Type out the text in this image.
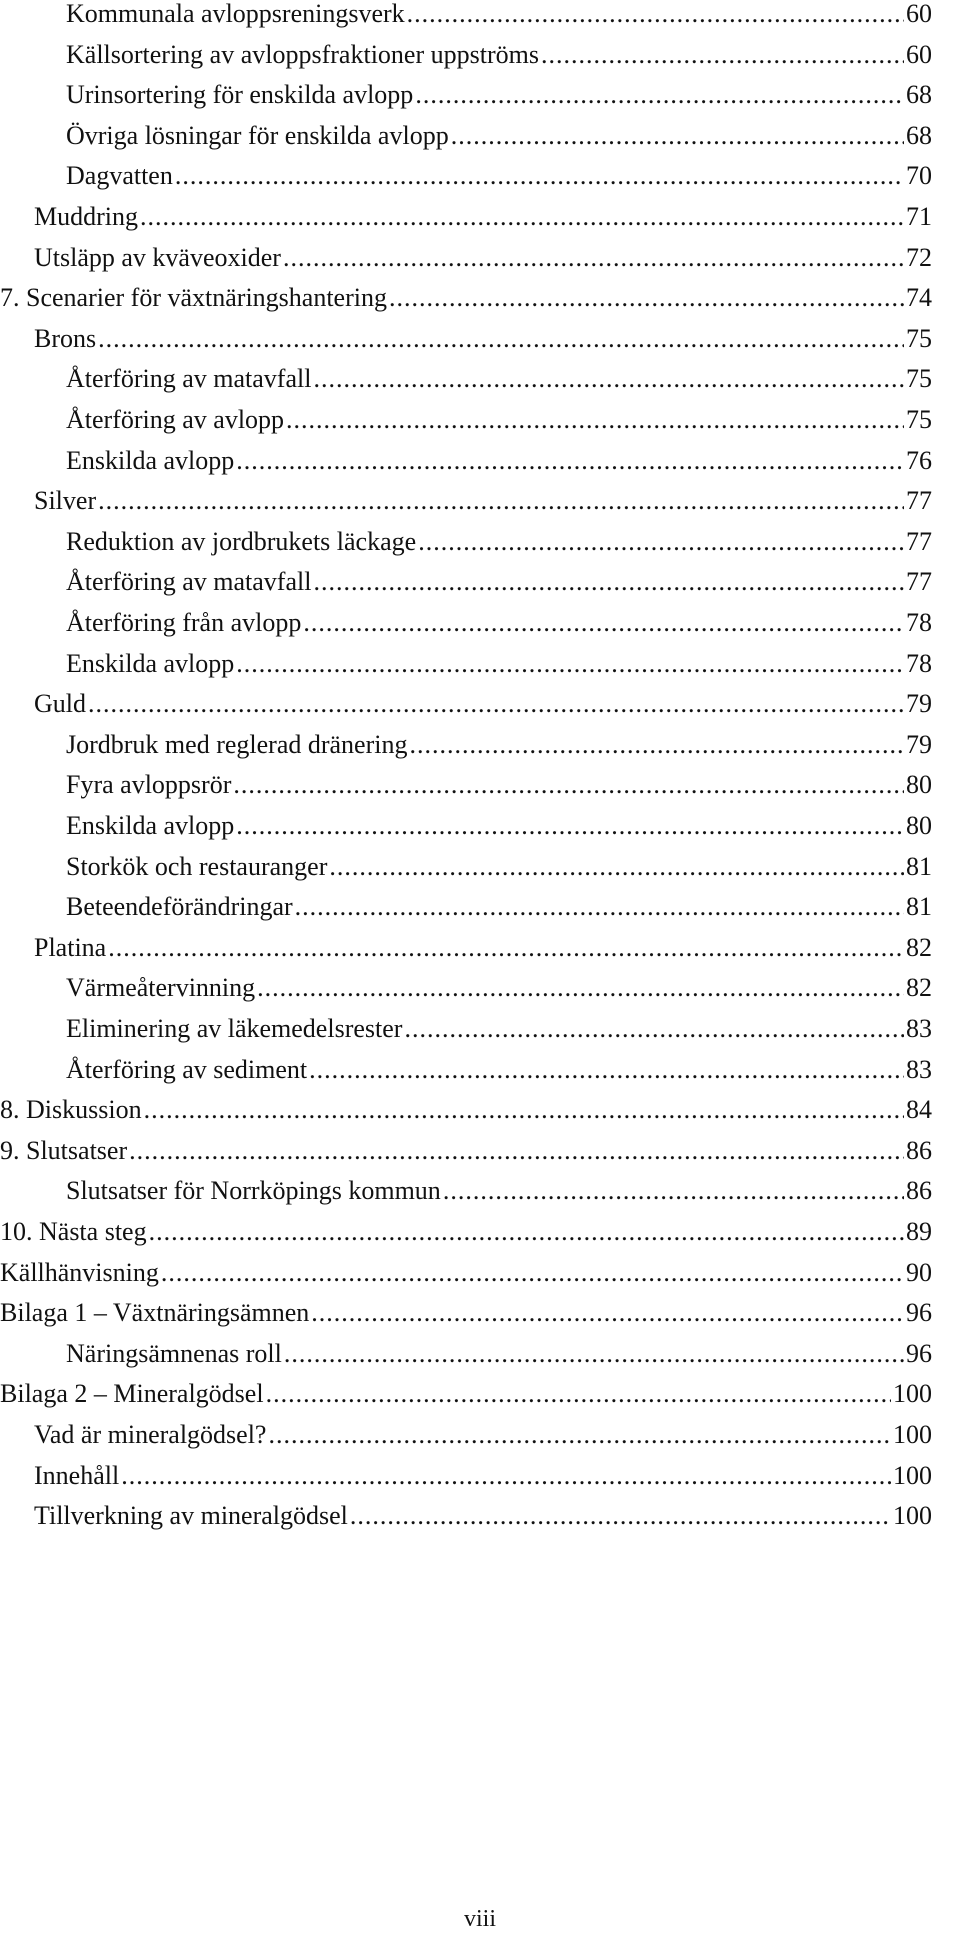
Kommunala avloppsreningsverk .....	60
Källsortering av avloppsfraktioner uppströms .....	60
Urinsortering för enskilda avlopp .....	68
Övriga lösningar för enskilda avlopp .....	68
Dagvatten .....	70
Muddring .....	71
Utsläpp av kväveoxider .....	72
7. Scenarier för växtnäringshantering .....	74
Brons .....	75
Återföring av matavfall .....	75
Återföring av avlopp .....	75
Enskilda avlopp .....	76
Silver .....	77
Reduktion av jordbrukets läckage .....	77
Återföring av matavfall .....	77
Återföring från avlopp .....	78
Enskilda avlopp .....	78
Guld .....	79
Jordbruk med reglerad dränering .....	79
Fyra avloppsrör .....	80
Enskilda avlopp .....	80
Storkök och restauranger .....	81
Beteendeförändringar .....	81
Platina .....	82
Värmeåtervinning .....	82
Eliminering av läkemedelsrester .....	83
Återföring av sediment .....	83
8. Diskussion .....	84
9. Slutsatser .....	86
Slutsatser för Norrköpings kommun .....	86
10. Nästa steg .....	89
Källhänvisning .....	90
Bilaga 1 – Växtnäringsämnen .....	96
Näringsämnenas roll .....	96
Bilaga 2 – Mineralgödsel .....	100
Vad är mineralgödsel? .....	100
Innehåll .....	100
Tillverkning av mineralgödsel .....	100
viii
